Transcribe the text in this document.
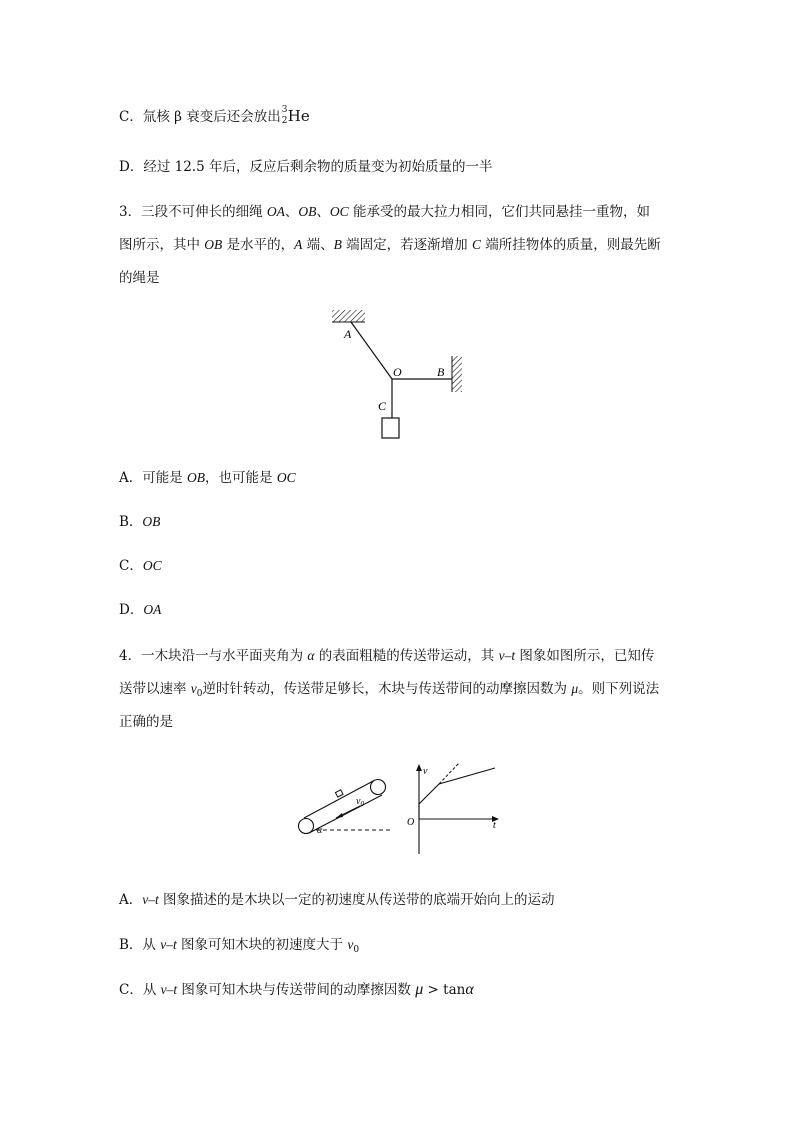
C．氚核 β 衰变后还会放出 3
2 He
D．经过 12.5 年后，反应后剩余物的质量变为初始质量的一半
3．三段不可伸长的细绳 OA、OB、OC 能承受的最大拉力相同，它们共同悬挂一重物，如
图所示，其中 OB 是水平的，A 端、B 端固定，若逐渐增加 C 端所挂物体的质量，则最先断
的绳是
A
O	B
C
A．可能是 OB，也可能是 OC
B．OB
C．OC
D．OA
4．一木块沿一与水平面夹角为 α 的表面粗糙的传送带运动，其 v–t 图象如图所示，已知传
送带以速率 $v_0$逆时针转动，传送带足够长，木块与传送带间的动摩擦因数为 μ。则下列说法
正确的是
$v_0$
α
v
O	t
A．v–t 图象描述的是木块以一定的初速度从传送带的底端开始向上的运动
B．从 v–t 图象可知木块的初速度大于 $v_0$
C．从 v–t 图象可知木块与传送带间的动摩擦因数 μ > tanα
